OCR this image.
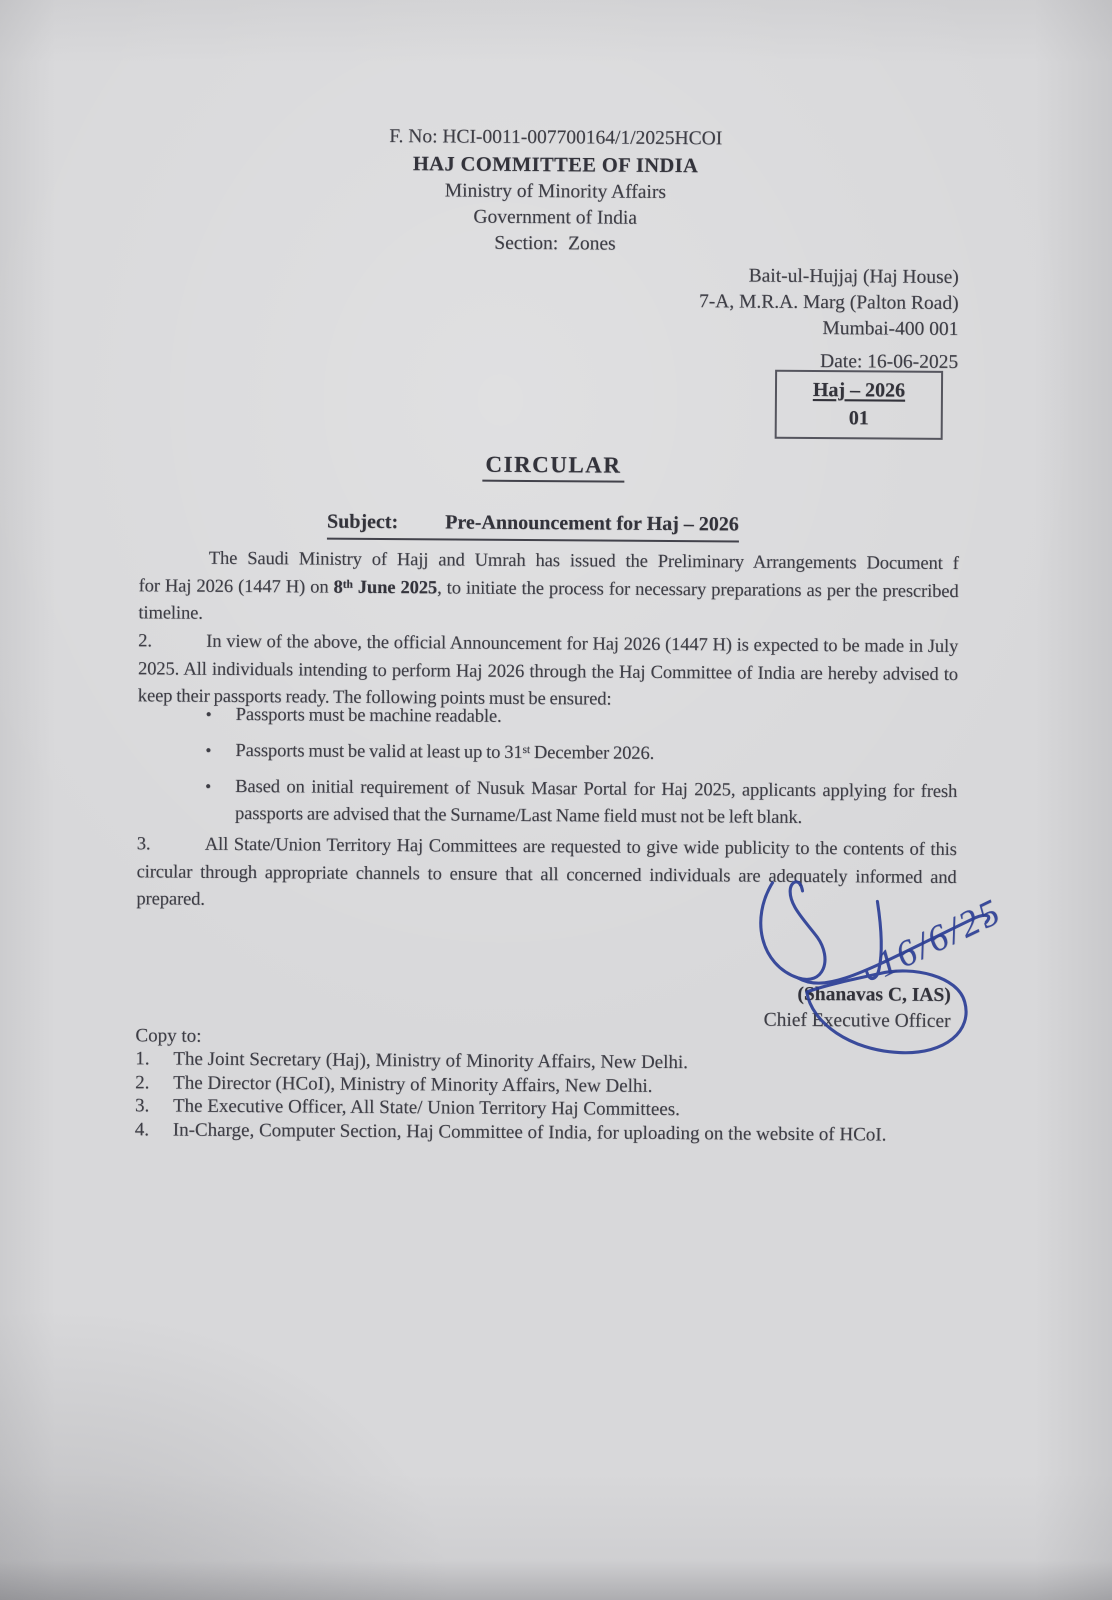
F. No: HCI-0011-007700164/1/2025HCOI
HAJ COMMITTEE OF INDIA
Ministry of Minority Affairs
Government of India
Section:  Zones
Bait-ul-Hujjaj (Haj House)
7-A, M.R.A. Marg (Palton Road)
Mumbai-400 001
Date: 16-06-2025
Haj – 2026
01
CIRCULAR
Subject: Pre-Announcement for Haj – 2026
The Saudi Ministry of Hajj and Umrah has issued the Preliminary Arrangements Document f
for Haj 2026 (1447 H) on 8th June 2025, to initiate the process for necessary preparations as per the prescribed timeline.
2.	In view of the above, the official Announcement for Haj 2026 (1447 H) is expected to be made in July 2025. All individuals intending to perform Haj 2026 through the Haj Committee of India are hereby advised to keep their passports ready. The following points must be ensured:
• Passports must be machine readable.
• Passports must be valid at least up to 31st December 2026.
• Based on initial requirement of Nusuk Masar Portal for Haj 2025, applicants applying for fresh passports are advised that the Surname/Last Name field must not be left blank.
3.	All State/Union Territory Haj Committees are requested to give wide publicity to the contents of this circular through appropriate channels to ensure that all concerned individuals are adequately informed and prepared.
(Shanavas C, IAS)
Chief Executive Officer
16/6/25
Copy to:
1. The Joint Secretary (Haj), Ministry of Minority Affairs, New Delhi.
2. The Director (HCoI), Ministry of Minority Affairs, New Delhi.
3. The Executive Officer, All State/ Union Territory Haj Committees.
4. In-Charge, Computer Section, Haj Committee of India, for uploading on the website of HCoI.
